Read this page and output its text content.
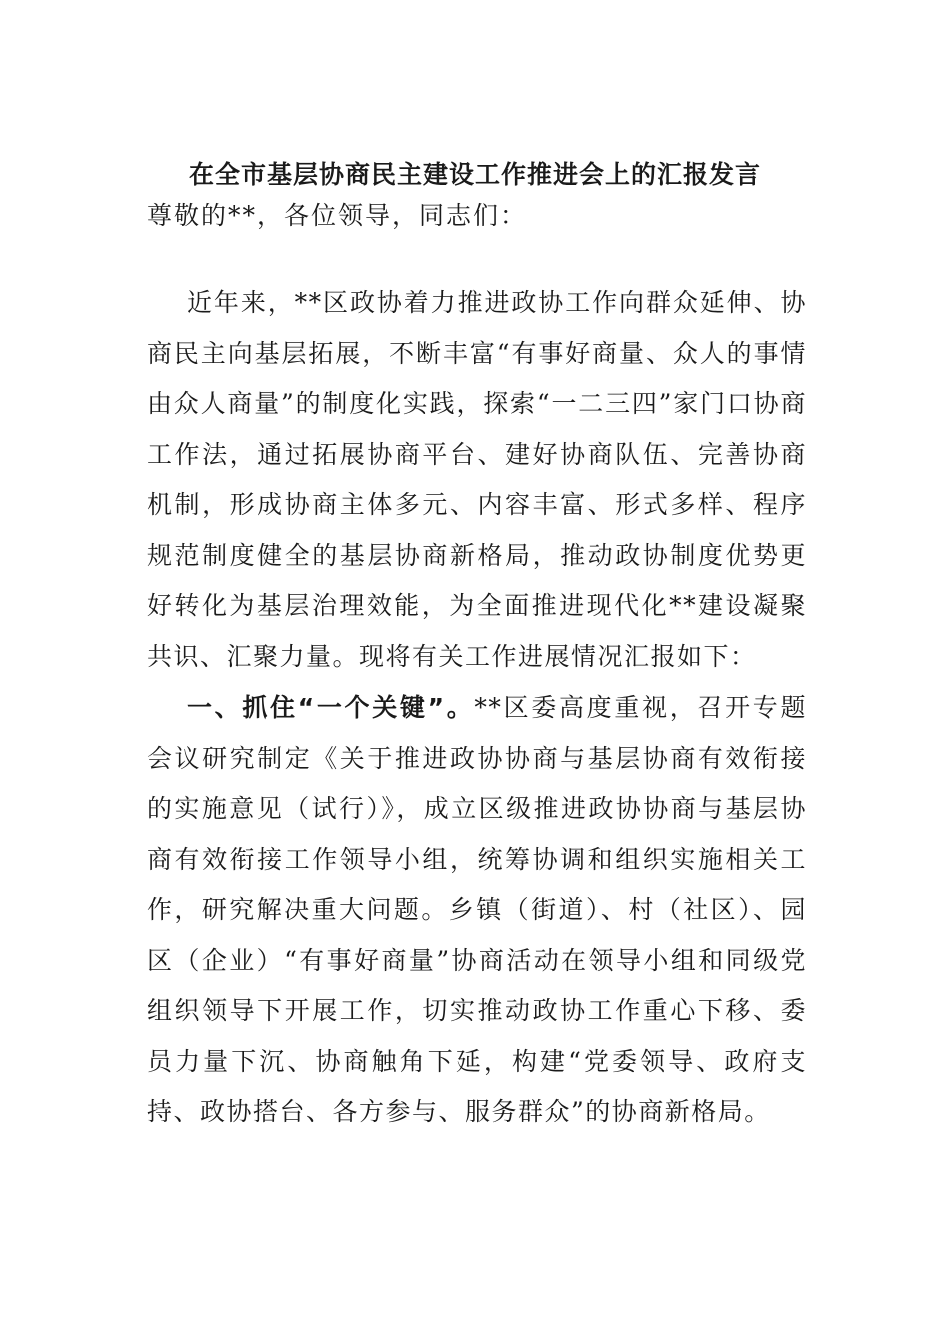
在全市基层协商民主建设工作推进会上的汇报发言
尊敬的**，各位领导，同志们：

近年来，**区政协着力推进政协工作向群众延伸、协商民主向基层拓展，不断丰富“有事好商量、众人的事情由众人商量”的制度化实践，探索“一二三四”家门口协商工作法，通过拓展协商平台、建好协商队伍、完善协商机制，形成协商主体多元、内容丰富、形式多样、程序规范制度健全的基层协商新格局，推动政协制度优势更好转化为基层治理效能，为全面推进现代化**建设凝聚共识、汇聚力量。现将有关工作进展情况汇报如下：

一、抓住“一个关键”。**区委高度重视，召开专题会议研究制定《关于推进政协协商与基层协商有效衔接的实施意见（试行）》，成立区级推进政协协商与基层协商有效衔接工作领导小组，统筹协调和组织实施相关工作，研究解决重大问题。乡镇（街道）、村（社区）、园区（企业）“有事好商量”协商活动在领导小组和同级党组织领导下开展工作，切实推动政协工作重心下移、委员力量下沉、协商触角下延，构建“党委领导、政府支持、政协搭台、各方参与、服务群众”的协商新格局。
